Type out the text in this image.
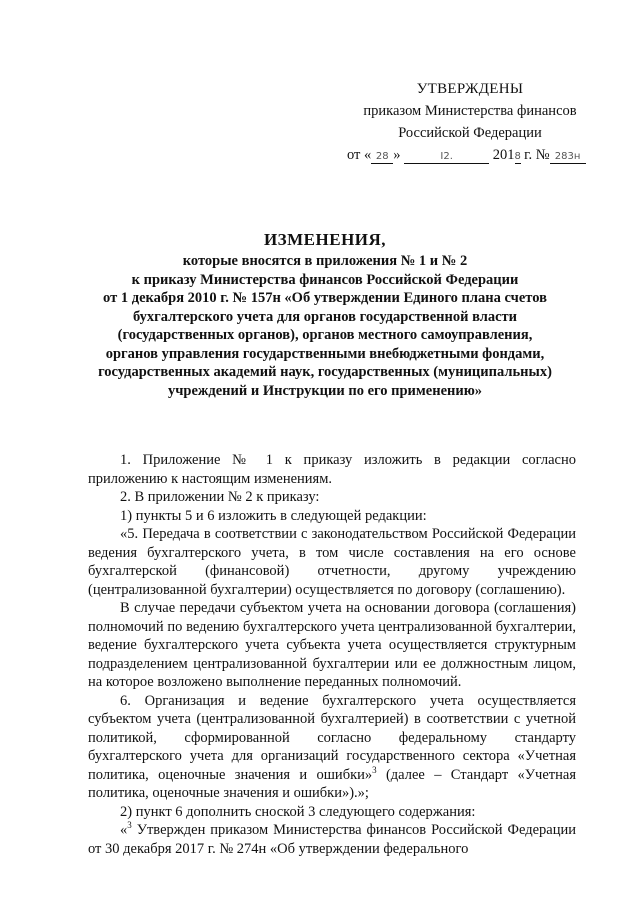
УТВЕРЖДЕНЫ
приказом Министерства финансов
Российской Федерации
от « 28 »	I2.	2018 г. № 283н
ИЗМЕНЕНИЯ,
которые вносятся в приложения № 1 и № 2
к приказу Министерства финансов Российской Федерации
от 1 декабря 2010 г. № 157н «Об утверждении Единого плана счетов
бухгалтерского учета для органов государственной власти
(государственных органов), органов местного самоуправления,
органов управления государственными внебюджетными фондами,
государственных академий наук, государственных (муниципальных)
учреждений и Инструкции по его применению»

1. Приложение № 1 к приказу изложить в редакции согласно приложению к настоящим изменениям.

2. В приложении № 2 к приказу:

1) пункты 5 и 6 изложить в следующей редакции:

«5. Передача в соответствии с законодательством Российской Федерации ведения бухгалтерского учета, в том числе составления на его основе бухгалтерской (финансовой) отчетности, другому учреждению (централизованной бухгалтерии) осуществляется по договору (соглашению).

В случае передачи субъектом учета на основании договора (соглашения) полномочий по ведению бухгалтерского учета централизованной бухгалтерии, ведение бухгалтерского учета субъекта учета осуществляется структурным подразделением централизованной бухгалтерии или ее должностным лицом, на которое возложено выполнение переданных полномочий.

6. Организация и ведение бухгалтерского учета осуществляется субъектом учета (централизованной бухгалтерией) в соответствии с учетной политикой, сформированной согласно федеральному стандарту бухгалтерского учета для организаций государственного сектора «Учетная политика, оценочные значения и ошибки»$^3$ (далее – Стандарт «Учетная политика, оценочные значения и ошибки»).»;

2) пункт 6 дополнить сноской 3 следующего содержания:

«$^3$ Утвержден приказом Министерства финансов Российской Федерации от 30 декабря 2017 г. № 274н «Об утверждении федерального
